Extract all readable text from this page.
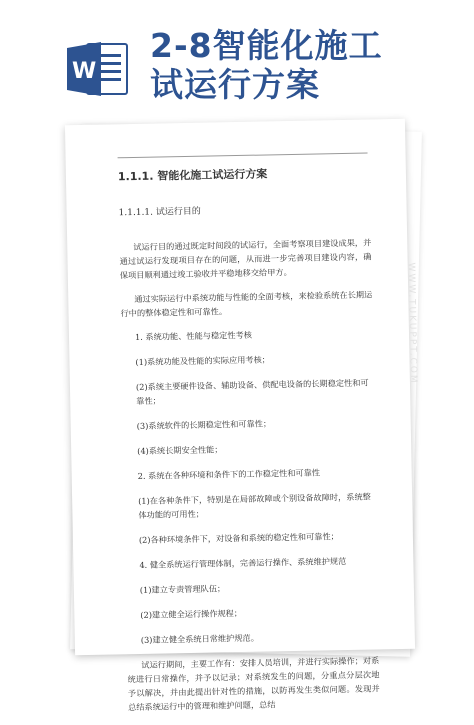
W
2-8智能化施工
试运行方案
WWW.TUKUPPT.COM
1.1.1. 智能化施工试运行方案
1.1.1.1. 试运行目的
试运行目的通过既定时间段的试运行，全面考察项目建设成果，并通过试运行发现项目存在的问题，从而进一步完善项目建设内容，确保项目顺利通过竣工验收并平稳地移交给甲方。
通过实际运行中系统功能与性能的全面考核，来检验系统在长期运行中的整体稳定性和可靠性。
1. 系统功能、性能与稳定性考核
(1)系统功能及性能的实际应用考核；
(2)系统主要硬件设备、辅助设备、供配电设备的长期稳定性和可靠性；
(3)系统软件的长期稳定性和可靠性；
(4)系统长期安全性能；
2. 系统在各种环境和条件下的工作稳定性和可靠性
(1)在各种条件下，特别是在局部故障或个别设备故障时，系统整体功能的可用性；
(2)各种环境条件下，对设备和系统的稳定性和可靠性；
4. 健全系统运行管理体制，完善运行操作、系统维护规范
(1)建立专责管理队伍；
(2)建立健全运行操作规程；
(3)建立健全系统日常维护规范。
试运行期间，主要工作有：安排人员培训，并进行实际操作；对系统进行日常操作，并予以记录；对系统发生的问题，分重点分层次地予以解决，并由此提出针对性的措施，以防再发生类似问题。发现并总结系统运行中的管理和维护问题，总结
